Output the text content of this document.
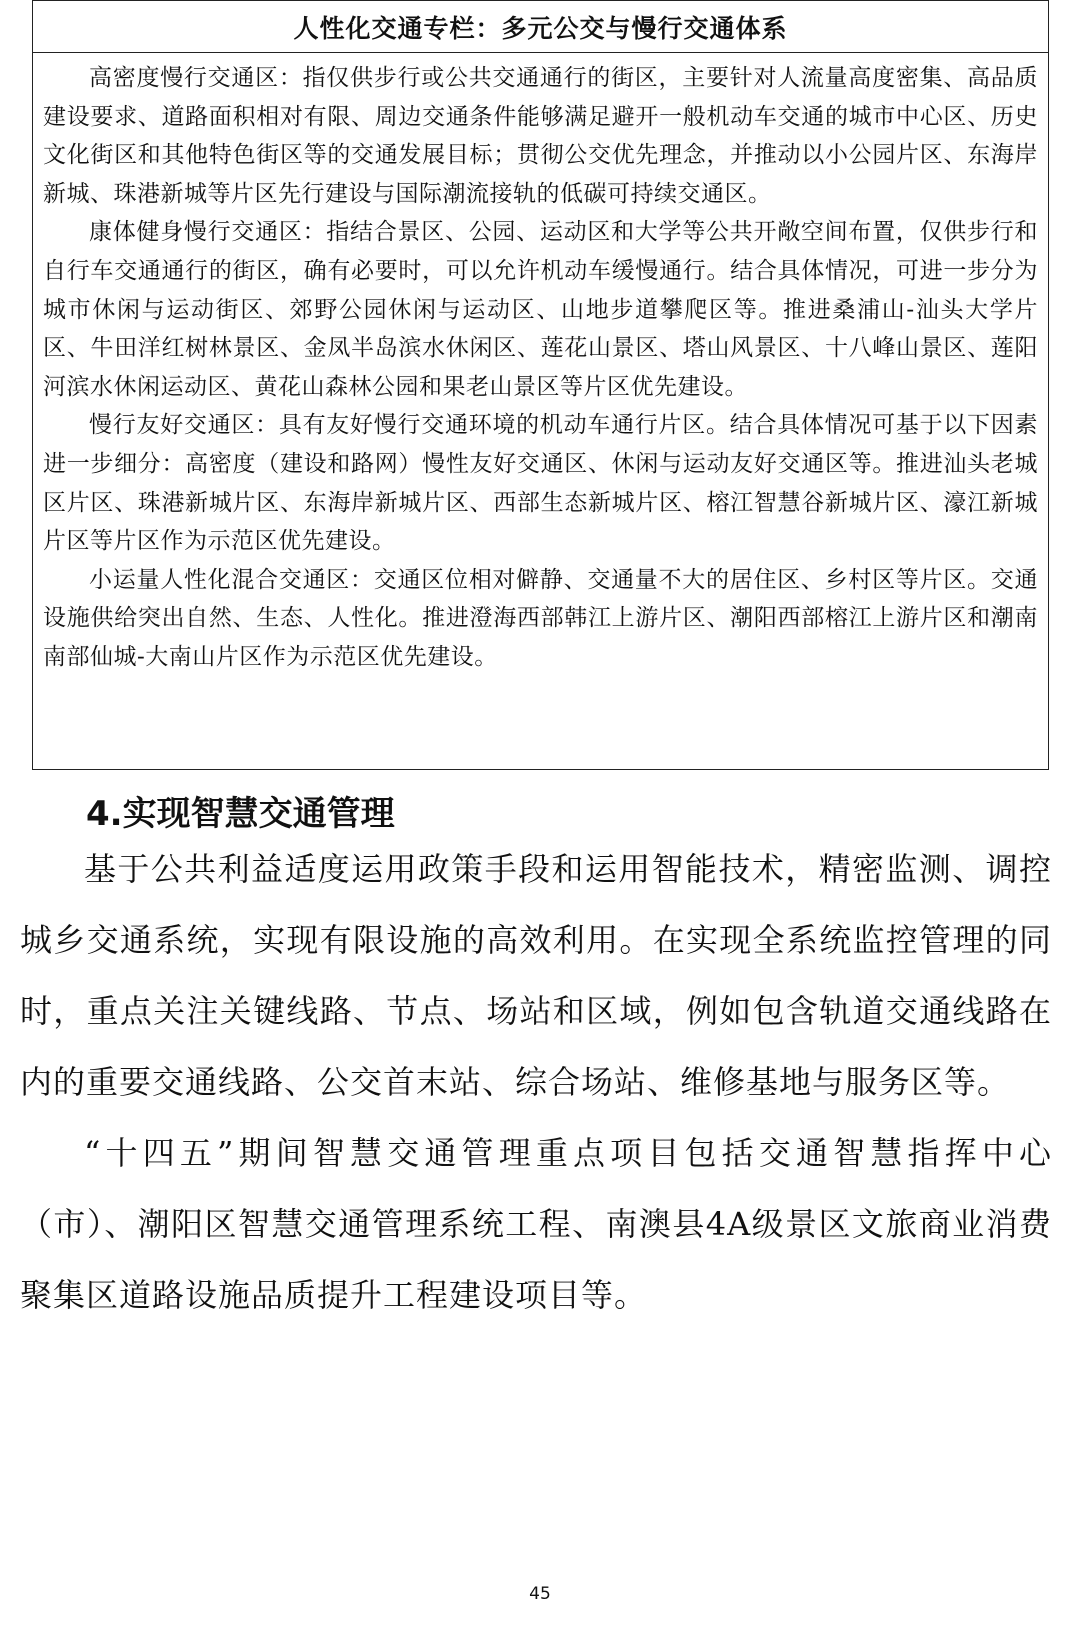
人性化交通专栏：多元公交与慢行交通体系

高密度慢行交通区：指仅供步行或公共交通通行的街区，主要针对人流量高度密集、高品质建设要求、道路面积相对有限、周边交通条件能够满足避开一般机动车交通的城市中心区、历史文化街区和其他特色街区等的交通发展目标；贯彻公交优先理念，并推动以小公园片区、东海岸新城、珠港新城等片区先行建设与国际潮流接轨的低碳可持续交通区。

康体健身慢行交通区：指结合景区、公园、运动区和大学等公共开敞空间布置，仅供步行和自行车交通通行的街区，确有必要时，可以允许机动车缓慢通行。结合具体情况，可进一步分为城市休闲与运动街区、郊野公园休闲与运动区、山地步道攀爬区等。推进桑浦山-汕头大学片区、牛田洋红树林景区、金凤半岛滨水休闲区、莲花山景区、塔山风景区、十八峰山景区、莲阳河滨水休闲运动区、黄花山森林公园和果老山景区等片区优先建设。

慢行友好交通区：具有友好慢行交通环境的机动车通行片区。结合具体情况可基于以下因素进一步细分：高密度（建设和路网）慢性友好交通区、休闲与运动友好交通区等。推进汕头老城区片区、珠港新城片区、东海岸新城片区、西部生态新城片区、榕江智慧谷新城片区、濠江新城片区等片区作为示范区优先建设。

小运量人性化混合交通区：交通区位相对僻静、交通量不大的居住区、乡村区等片区。交通设施供给突出自然、生态、人性化。推进澄海西部韩江上游片区、潮阳西部榕江上游片区和潮南南部仙城-大南山片区作为示范区优先建设。

4.实现智慧交通管理

基于公共利益适度运用政策手段和运用智能技术，精密监测、调控城乡交通系统，实现有限设施的高效利用。在实现全系统监控管理的同时，重点关注关键线路、节点、场站和区域，例如包含轨道交通线路在内的重要交通线路、公交首末站、综合场站、维修基地与服务区等。

“十四五”期间智慧交通管理重点项目包括交通智慧指挥中心（市）、潮阳区智慧交通管理系统工程、南澳县4A级景区文旅商业消费聚集区道路设施品质提升工程建设项目等。

45
